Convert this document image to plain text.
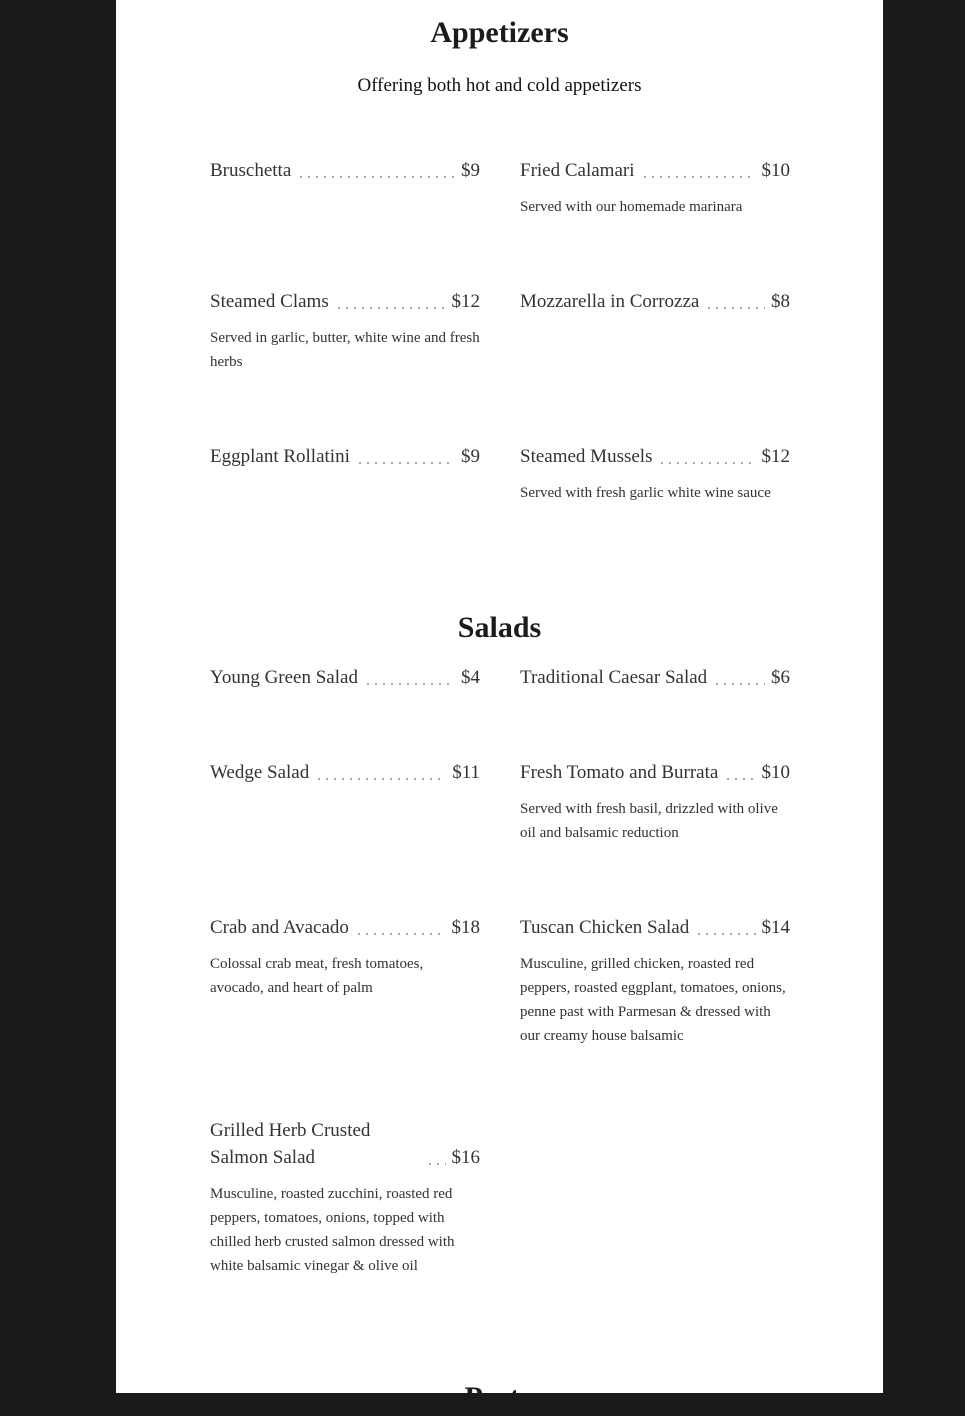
Appetizers
Offering both hot and cold appetizers
Bruschetta	$9 Fried Calamari	$10
Served with our homemade marinara
Steamed Clams	$12
Served in garlic, butter, white wine and fresh herbs
Mozzarella in Corrozza	$8
Eggplant Rollatini	$9 Steamed Mussels	$12
Served with fresh garlic white wine sauce
Salads
Young Green Salad	$4 Traditional Caesar Salad	$6
Wedge Salad	$11 Fresh Tomato and Burrata $10
Served with fresh basil, drizzled with olive oil and balsamic reduction
Crab and Avacado	$18
Colossal crab meat, fresh tomatoes, avocado, and heart of palm
Tuscan Chicken Salad	$14
Musculine, grilled chicken, roasted red peppers, roasted eggplant, tomatoes, onions, penne past with Parmesan & dressed with our creamy house balsamic
Grilled Herb Crusted Salmon Salad	$16
Musculine, roasted zucchini, roasted red peppers, tomatoes, onions, topped with chilled herb crusted salmon dressed with white balsamic vinegar & olive oil
Pasta
